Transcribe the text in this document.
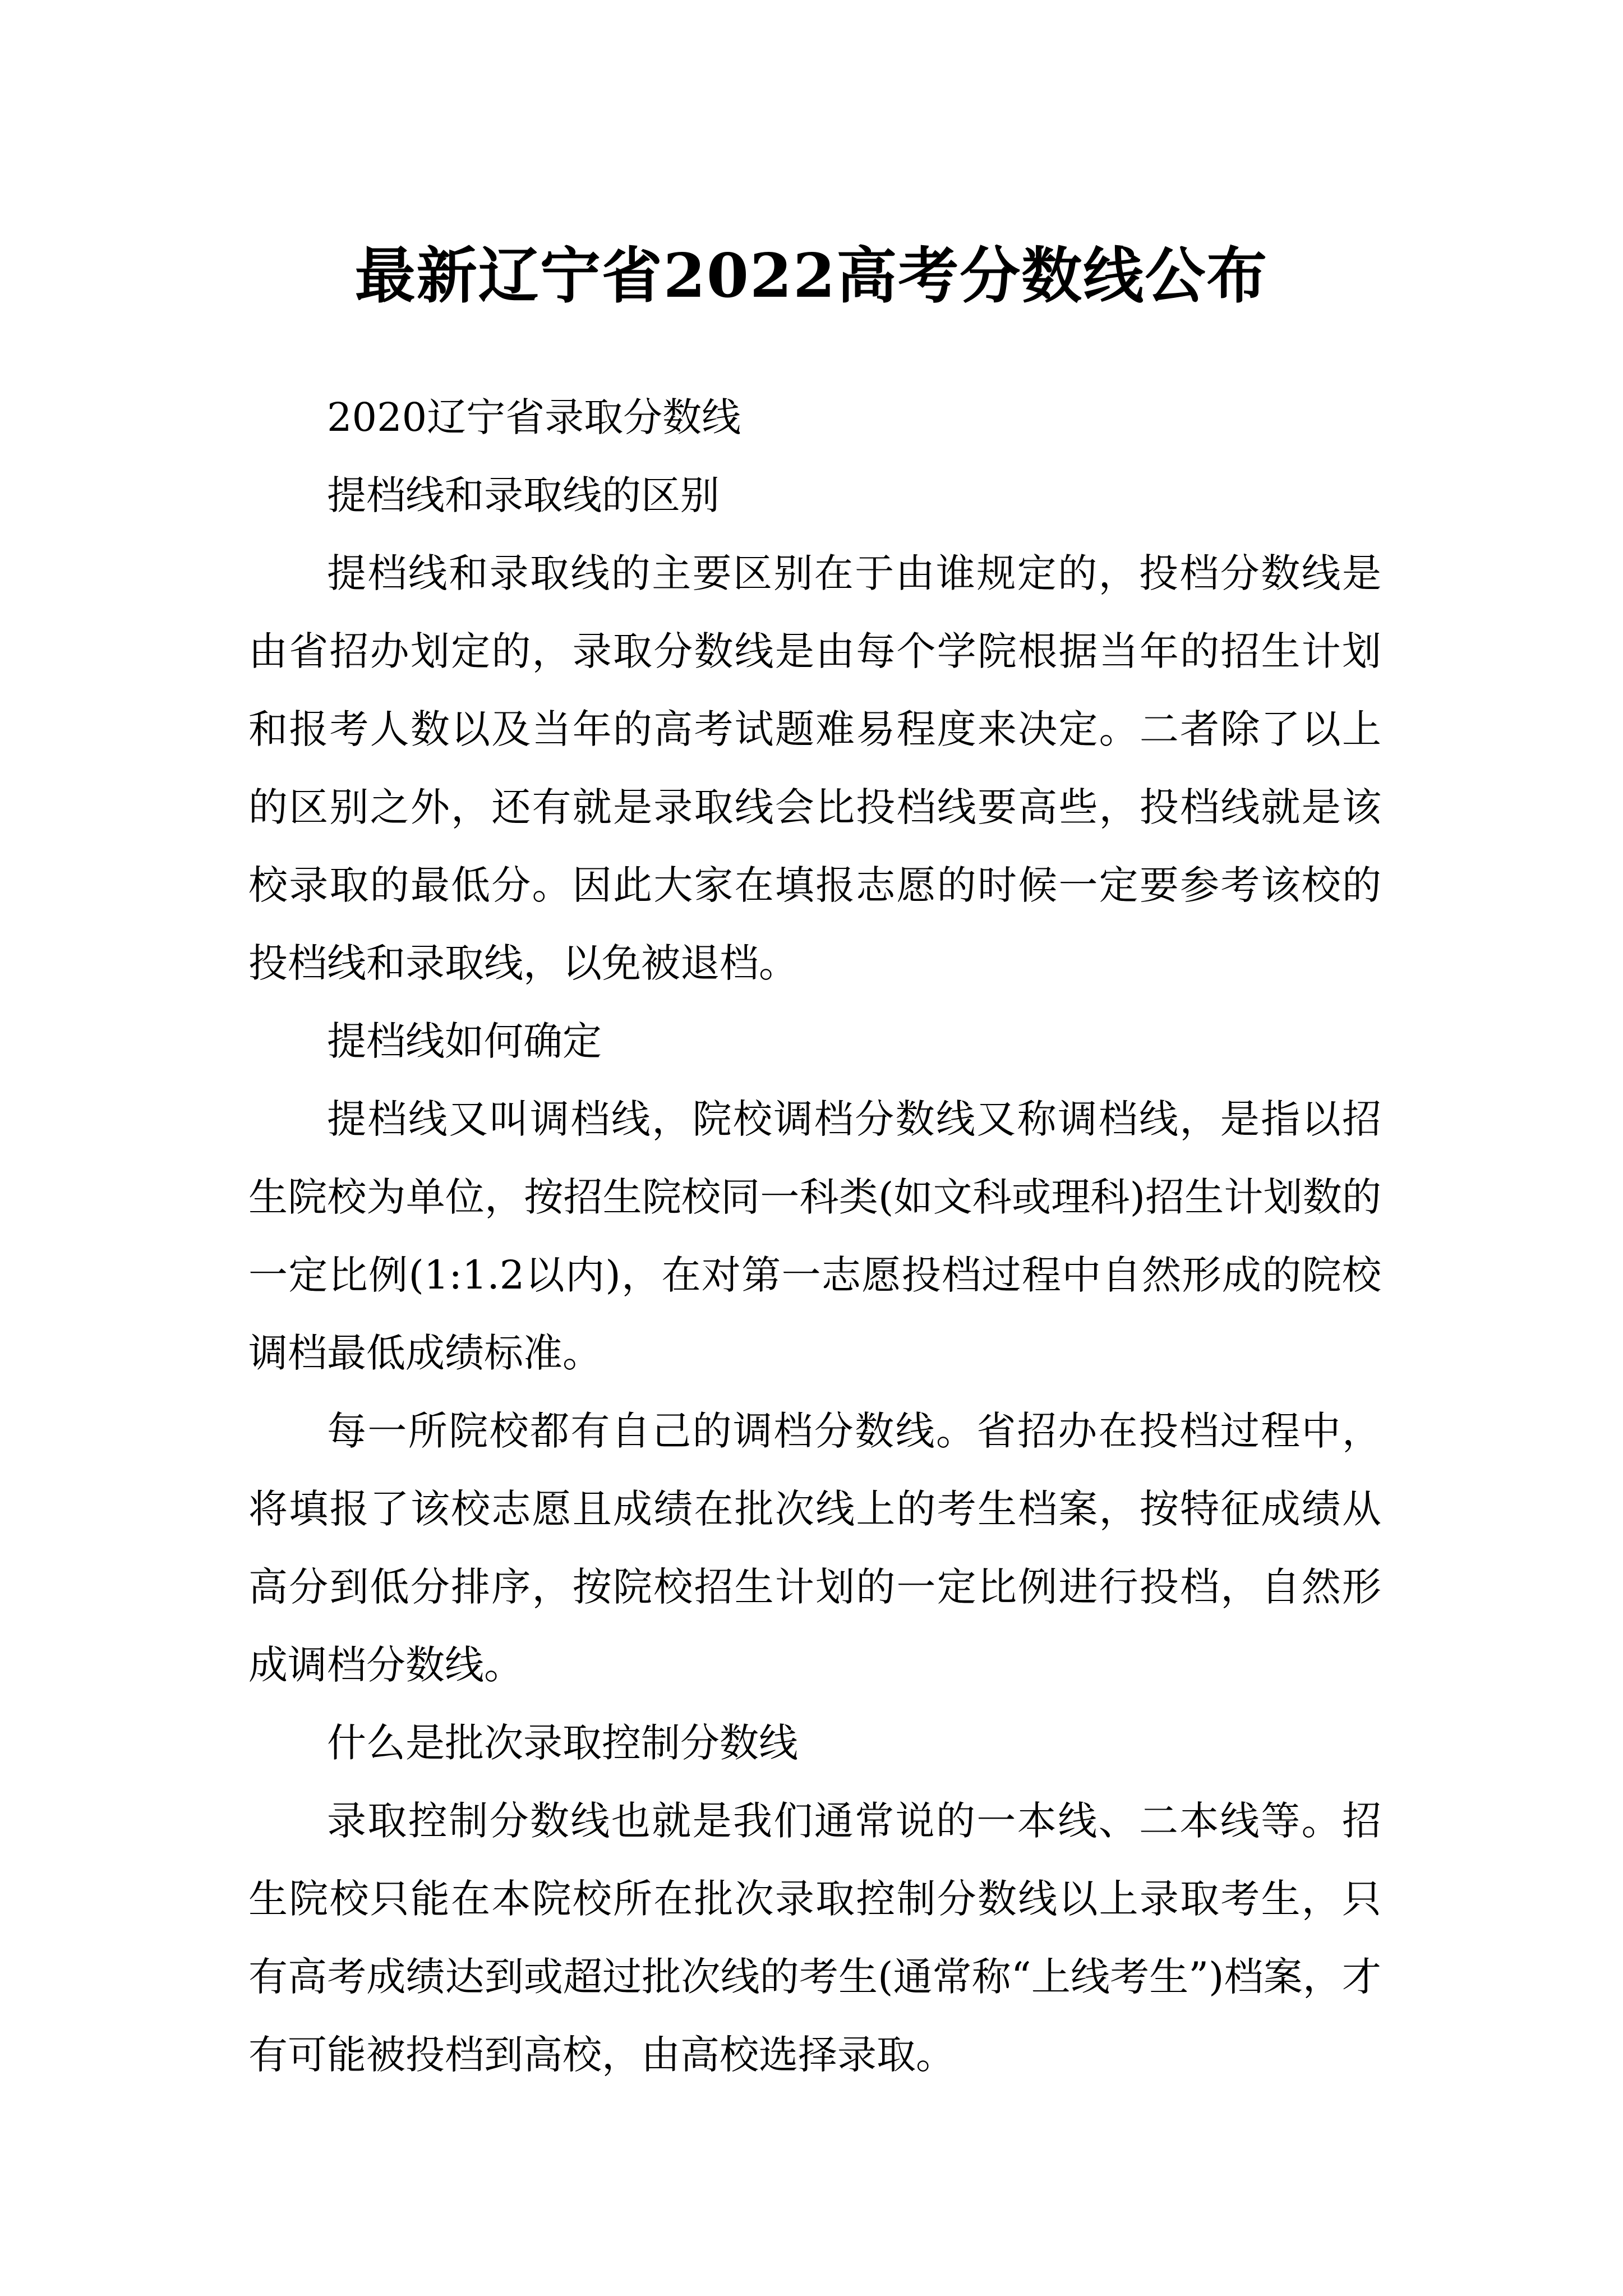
最新辽宁省2022高考分数线公布

2020辽宁省录取分数线

提档线和录取线的区别

提档线和录取线的主要区别在于由谁规定的，投档分数线是由省招办划定的，录取分数线是由每个学院根据当年的招生计划和报考人数以及当年的高考试题难易程度来决定。二者除了以上的区别之外，还有就是录取线会比投档线要高些，投档线就是该校录取的最低分。因此大家在填报志愿的时候一定要参考该校的投档线和录取线，以免被退档。

提档线如何确定

提档线又叫调档线，院校调档分数线又称调档线，是指以招生院校为单位，按招生院校同一科类(如文科或理科)招生计划数的一定比例(1:1.2以内)，在对第一志愿投档过程中自然形成的院校调档最低成绩标准。

每一所院校都有自己的调档分数线。省招办在投档过程中，将填报了该校志愿且成绩在批次线上的考生档案，按特征成绩从高分到低分排序，按院校招生计划的一定比例进行投档，自然形成调档分数线。

什么是批次录取控制分数线

录取控制分数线也就是我们通常说的一本线、二本线等。招生院校只能在本院校所在批次录取控制分数线以上录取考生，只有高考成绩达到或超过批次线的考生(通常称“上线考生”)档案，才有可能被投档到高校，由高校选择录取。
